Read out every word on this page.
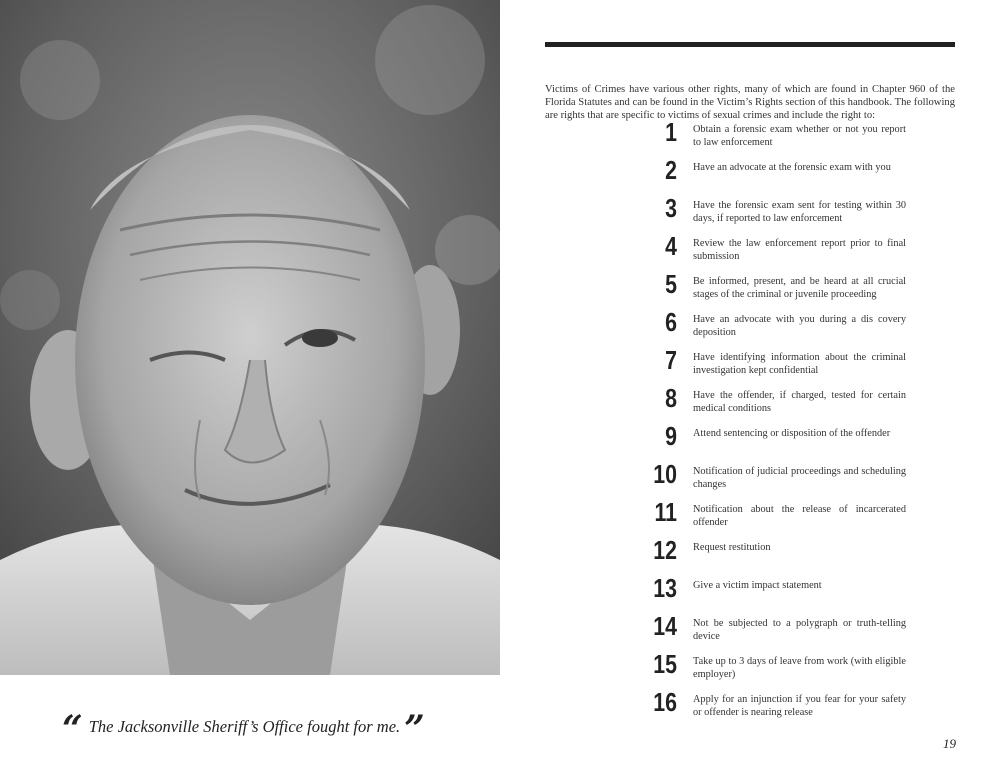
“ The Jacksonville Sheriff’s Office fought for me. ”

Victims of Crimes have various other rights, many of which are found in Chapter 960 of the Florida Statutes and can be found in the Victim’s Rights section of this handbook. The following are rights that are specific to victims of sexual crimes and include the right to:

1 Obtain a forensic exam whether or not you report to law enforcement
2 Have an advocate at the forensic exam with you
3 Have the forensic exam sent for testing within 30 days, if reported to law enforcement
4 Review the law enforcement report prior to final submission
5 Be informed, present, and be heard at all crucial stages of the criminal or juvenile proceeding
6 Have an advocate with you during a dis covery deposition
7 Have identifying information about the criminal investigation kept confidential
8 Have the offender, if charged, tested for certain medical conditions
9 Attend sentencing or disposition of the offender
10 Notification of judicial proceedings and scheduling changes
11 Notification about the release of incarcerated offender
12 Request restitution
13 Give a victim impact statement
14 Not be subjected to a polygraph or truth-telling device
15 Take up to 3 days of leave from work (with eligible employer)
16 Apply for an injunction if you fear for your safety or offender is nearing release
19
